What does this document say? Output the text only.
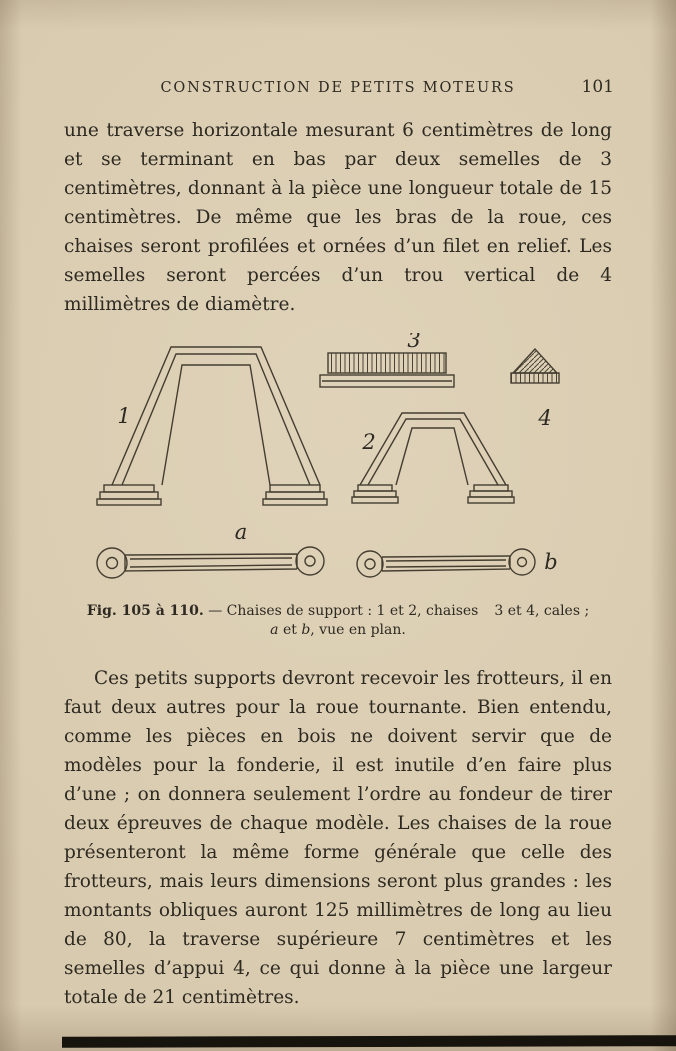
CONSTRUCTION DE PETITS MOTEURS	101

une traverse horizontale mesurant 6 centimètres de long et se terminant en bas par deux semelles de 3 centimètres, donnant à la pièce une longueur totale de 15 centimètres. De même que les bras de la roue, ces chaises seront profilées et ornées d’un filet en relief. Les semelles seront percées d’un trou vertical de 4 millimètres de diamètre.

1
2
3
4
a
b
Fig. 105 à 110. — Chaises de support : 1 et 2, chaises 3 et 4, cales ;
a et b, vue en plan.

Ces petits supports devront recevoir les frotteurs, il en faut deux autres pour la roue tournante. Bien entendu, comme les pièces en bois ne doivent servir que de modèles pour la fonderie, il est inutile d’en faire plus d’une ; on donnera seulement l’ordre au fondeur de tirer deux épreuves de chaque modèle. Les chaises de la roue présenteront la même forme générale que celle des frotteurs, mais leurs dimensions seront plus grandes : les montants obliques auront 125 millimètres de long au lieu de 80, la traverse supérieure 7 centimètres et les semelles d’appui 4, ce qui donne à la pièce une largeur totale de 21 centimètres.
